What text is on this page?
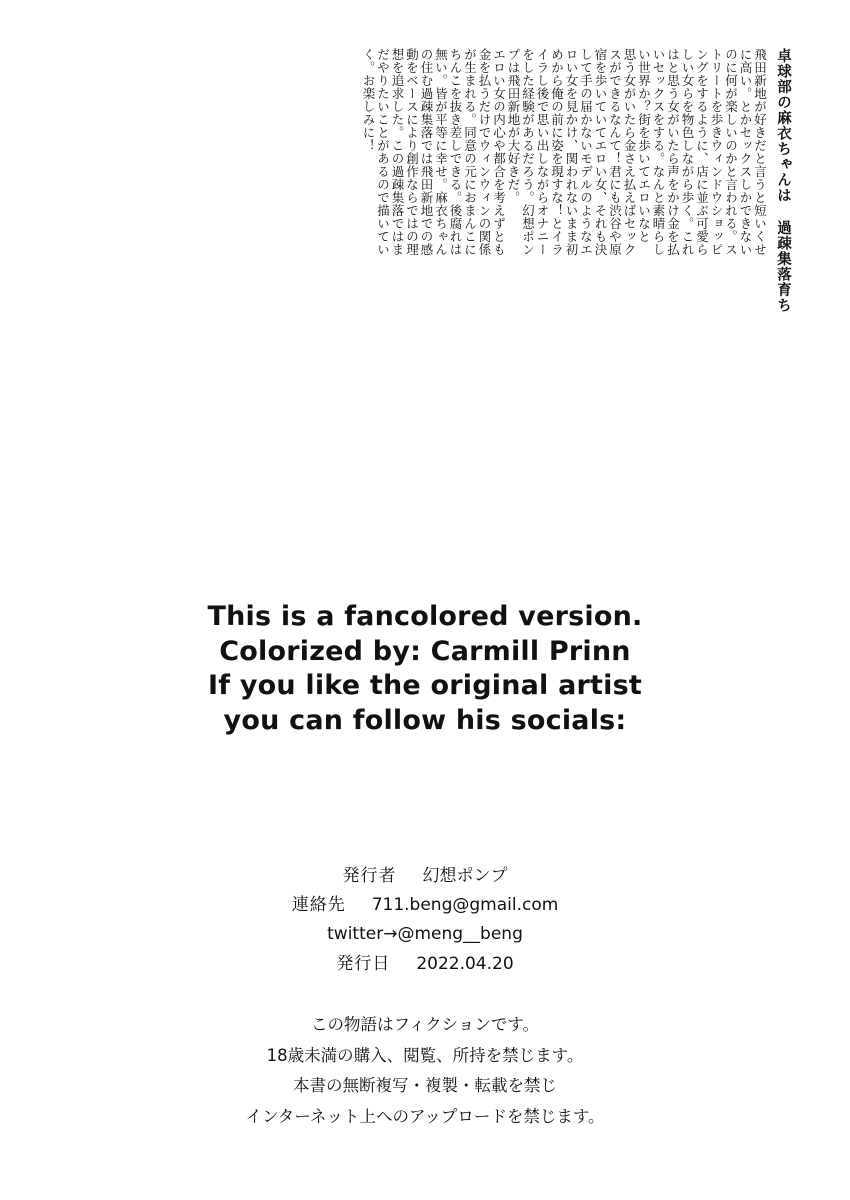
卓球部の麻衣ちゃんは 過疎集落育ち
飛田新地が好きだと言うと短いくせ
に高い。とかセックスしかできない
のに何が楽しいのかと言われる。ス
トリートを歩きウィンドウショッピ
ングをするように、店に並ぶ可愛ら
しい女らを物色しながら歩く。これ
はと思う女がいたら声をかけ金を払
いセックスをする。なんと素晴らし
い世界か？街を歩いてエロいなと
思う女がいたら金さえ払えばセック
スができるなんて！君にも渋谷や原
宿を歩いていてエロい女、それも決
して手の届かないモデルのようなエ
ロい女を見かけ、関われないまま初
めから俺の前に姿を現すな！とイラ
イラし後で思い出しながらオナニー
をした経験があるだろう。幻想ポン
プは飛田新地が大好きだ。
エロい女の内心や都合を考えずとも
金を払うだけでウィンウィンの関係
が生まれる。同意の元におまんこに
ちんこを抜き差しできる。後腐れは
無い。皆が平等に幸せ。麻衣ちゃん
の住む過疎集落では飛田新地での感
動をベースにより創作ならではの理
想を追求した。この過疎集落ではま
だやりたいことがあるので描いてい
く。お楽しみに！
This is a fancolored version.
Colorized by: Carmill Prinn
If you like the original artist
you can follow his socials:
発行者 幻想ポンプ
連絡先 711.beng@gmail.com
twitter→@meng__beng
発行日 2022.04.20
この物語はフィクションです。
18歳未満の購入、閲覧、所持を禁じます。
本書の無断複写・複製・転載を禁じ
インターネット上へのアップロードを禁じます。
